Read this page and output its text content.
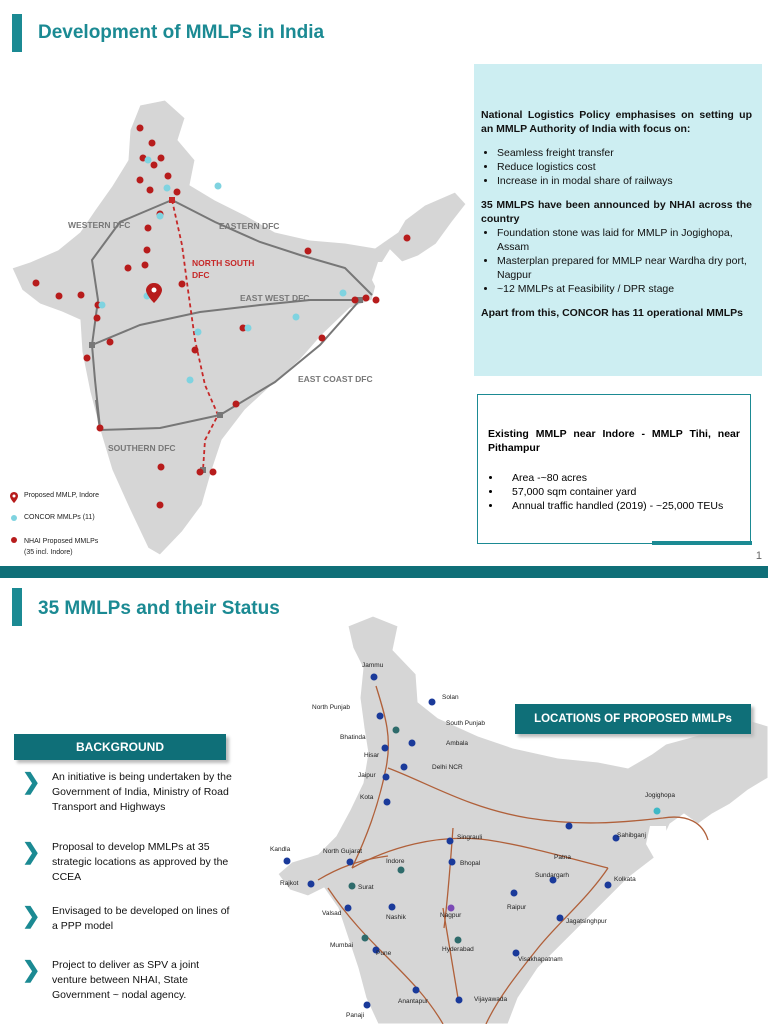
Development of MMLPs in India
WESTERN DFC	EASTERN DFC
NORTH SOUTH
DFC
EAST WEST DFC
EAST COAST DFC
SOUTHERN DFC
Proposed MMLP, Indore
CONCOR MMLPs (11)
NHAI Proposed MMLPs
(35 incl. Indore)

National Logistics Policy emphasises on setting up an MMLP Authority of India with focus on:

• Seamless freight transfer
• Reduce logistics cost
• Increase in in modal share of railways

35 MMLPS have been announced by NHAI across the country

• Foundation stone was laid for MMLP in Jogighopa, Assam
• Masterplan prepared for MMLP near Wardha dry port, Nagpur
• ~12 MMLPs at Feasibility / DPR stage

Apart from this, CONCOR has 11 operational MMLPs

Existing MMLP near Indore - MMLP Tihi, near Pithampur

• Area -~80 acres
• 57,000 sqm container yard
• Annual traffic handled (2019) - ~25,000 TEUs
1
35 MMLPs and their Status
Jammu
North Punjab
Solan
South Punjab
Bhatinda
Ambala
Hisar
Delhi NCR
Jaipur
Kota	Jogighopa
Singrauli
Patna
Sahibganj
Kandla	North Gujarat
Indore	Bhopal
Sundargarh
Kolkata
Rajkot
Surat
Valsad
Nashik	Nagpur
Raipur
Jagatsinghpur
Mumbai
Pune
Hyderabad
Visakhapatnam
Anantapur	Vijayawada
Panaji
LOCATIONS OF PROPOSED MMLPs
BACKGROUND
❯	An initiative is being undertaken by the Government of India, Ministry of Road Transport and Highways
❯	Proposal to develop MMLPs at 35 strategic locations as approved by the CCEA
❯	Envisaged to be developed on lines of a PPP model
❯	Project to deliver as SPV a joint venture between NHAI, State Government ~ nodal agency.
